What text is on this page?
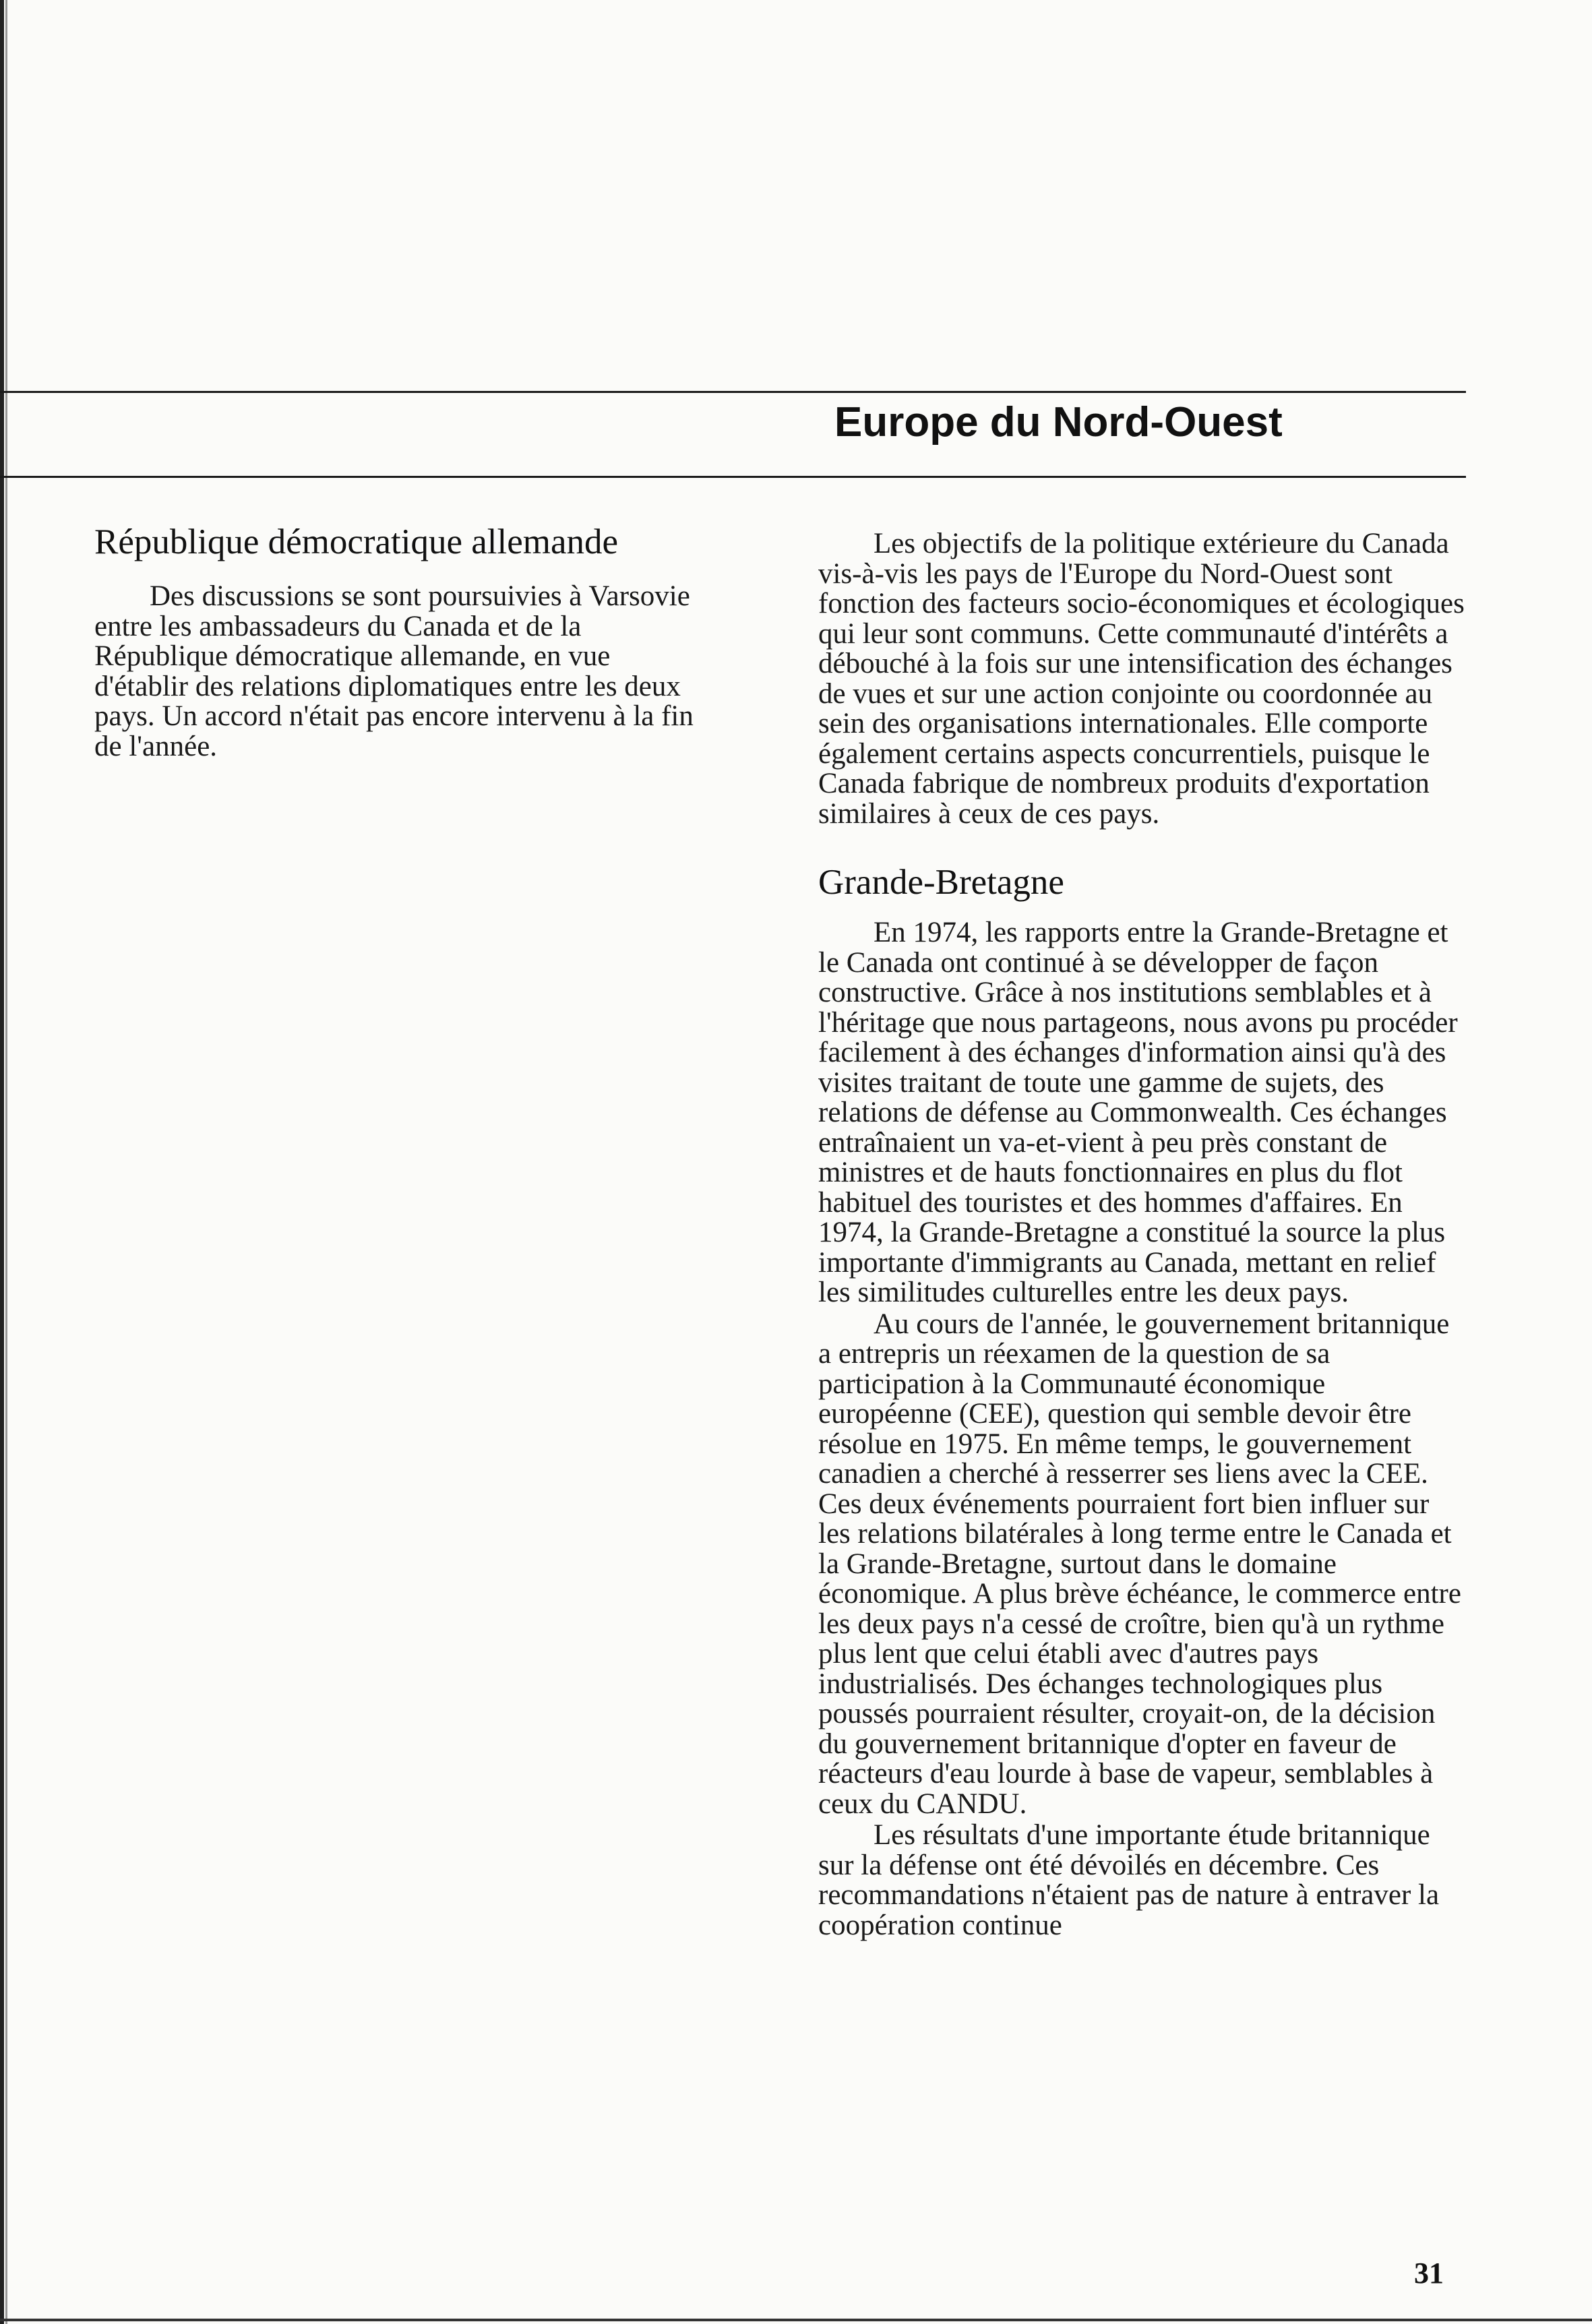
Europe du Nord-Ouest
République démocratique allemande

Des discussions se sont poursuivies à Varsovie entre les ambassadeurs du Canada et de la République démocratique allemande, en vue d'établir des relations diplomatiques entre les deux pays. Un accord n'était pas encore intervenu à la fin de l'année.

Les objectifs de la politique extérieure du Canada vis-à-vis les pays de l'Europe du Nord-Ouest sont fonction des facteurs socio-économiques et écologiques qui leur sont communs. Cette communauté d'intérêts a débouché à la fois sur une intensification des échanges de vues et sur une action conjointe ou coordonnée au sein des organisations internationales. Elle comporte également certains aspects concurrentiels, puisque le Canada fabrique de nombreux produits d'exportation similaires à ceux de ces pays.

Grande-Bretagne

En 1974, les rapports entre la Grande-Bretagne et le Canada ont continué à se développer de façon constructive. Grâce à nos institutions semblables et à l'héritage que nous partageons, nous avons pu procéder facilement à des échanges d'information ainsi qu'à des visites traitant de toute une gamme de sujets, des relations de défense au Commonwealth. Ces échanges entraînaient un va-et-vient à peu près constant de ministres et de hauts fonctionnaires en plus du flot habituel des touristes et des hommes d'affaires. En 1974, la Grande-Bretagne a constitué la source la plus importante d'immigrants au Canada, mettant en relief les similitudes culturelles entre les deux pays.

Au cours de l'année, le gouvernement britannique a entrepris un réexamen de la question de sa participation à la Communauté économique européenne (CEE), question qui semble devoir être résolue en 1975. En même temps, le gouvernement canadien a cherché à resserrer ses liens avec la CEE. Ces deux événements pourraient fort bien influer sur les relations bilatérales à long terme entre le Canada et la Grande-Bretagne, surtout dans le domaine économique. A plus brève échéance, le commerce entre les deux pays n'a cessé de croître, bien qu'à un rythme plus lent que celui établi avec d'autres pays industrialisés. Des échanges technologiques plus poussés pourraient résulter, croyait-on, de la décision du gouvernement britannique d'opter en faveur de réacteurs d'eau lourde à base de vapeur, semblables à ceux du CANDU.

Les résultats d'une importante étude britannique sur la défense ont été dévoilés en décembre. Ces recommandations n'étaient pas de nature à entraver la coopération continue

31
